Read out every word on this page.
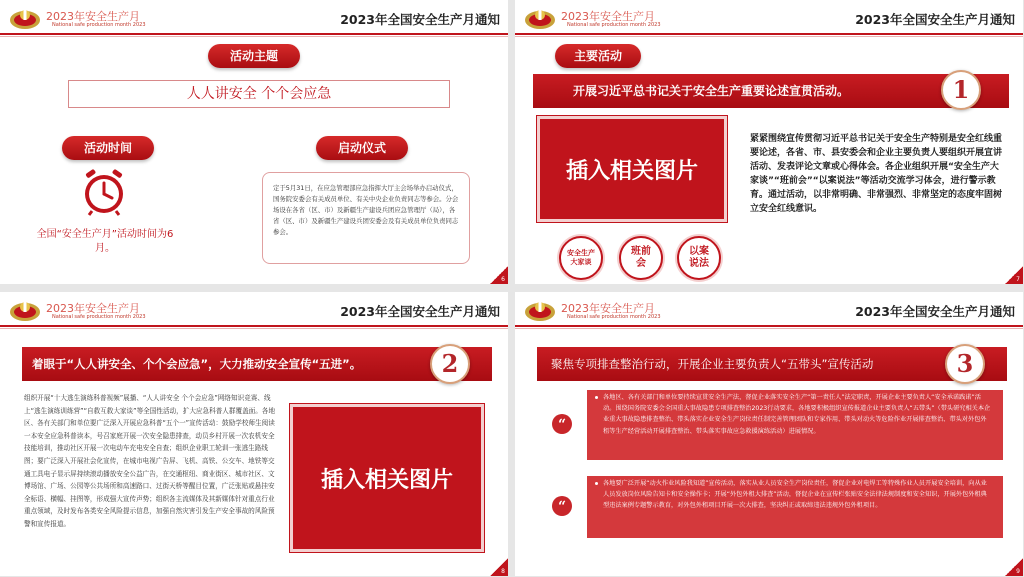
2023年安全生产月
National safe production month 2023	2023年全国安全生产月通知
活动主题
人人讲安全 个个会应急
活动时间
全国“安全生产月”活动时间为6月。
启动仪式
定于5月31日，在应急管理部应急指挥大厅主会场举办启动仪式，国务院安委会有关成员单位、有关中央企业负责同志等参会。分会场设在各省（区、市）及新疆生产建设兵团应急管理厅（局），各省（区、市）及新疆生产建设兵团安委会及有关成员单位负责同志参会。
6
2023年安全生产月
National safe production month 2023	2023年全国安全生产月通知
主要活动
开展习近平总书记关于安全生产重要论述宣贯活动。	1
插入相关图片
安全生产大家谈
班前会
以案说法
紧紧围绕宣传贯彻习近平总书记关于安全生产特别是安全红线重要论述，各省、市、县安委会和企业主要负责人要组织开展宣讲活动、发表评论文章或心得体会。各企业组织开展“安全生产大家谈”“班前会”“以案说法”等活动交流学习体会，进行警示教育。通过活动，以非常明确、非常强烈、非常坚定的态度牢固树立安全红线意识。
7
2023年安全生产月
National safe production month 2023	2023年全国安全生产月通知
着眼于“人人讲安全、个个会应急”，大力推动安全宣传“五进”。	2
组织开展“十大逃生演练科普视频”展播、“人人讲安全 个个会应急”网络知识竞赛、线上“逃生演练训练营”“自救互救大家谈”等全国性活动，扩大应急科普人群覆盖面。各地区、各有关部门和单位要广泛深入开展应急科普“五个一”宣传活动：鼓励学校师生阅读一本安全应急科普读本，号召家庭开展一次安全隐患排查，动员乡村开展一次农机安全技能培训，推动社区开展一次电动车充电安全自查；组织企业职工轮训一张逃生路线图；要广泛深入开展社会化宣传，在城市电视广告屏、飞机、高铁、公交车、地铁等交通工具电子显示屏持续滚动播放安全公益广告，在交通枢纽、商业街区、城市社区、文博场馆、广场、公园等公共场所和高速路口、过街天桥等醒目位置，广泛张贴或悬挂安全标语、横幅、挂图等，形成强大宣传声势；组织各主流媒体及其新媒体针对重点行业重点领域，及时发布各类安全风险提示信息，加强自然灾害引发生产安全事故的风险预警和宣传报道。
插入相关图片
8
2023年安全生产月
National safe production month 2023	2023年全国安全生产月通知
聚焦专项排查整治行动，开展企业主要负责人“五带头”宣传活动	3
“
各地区、各有关部门和单位要持续宣贯安全生产法，督促企业落实安全生产“第一责任人”法定职责，开展企业主要负责人“安全承诺践诺”活动。围绕国务院安委会全国重大事故隐患专项排查整治2023行动要求，各地要积极组织宣传报道企业主要负责人“五带头”（带头研究相关本企业重大事故隐患排查整治、带头落实企业安全生产岗位责任制完善管理团队和专家作用、带头对动火等危险作业开展排查整治、带头对外包外租等生产经营活动开展排查整治、带头落实事故应急救援演练活动）进展情况。
“
各地要广泛开展“动火作业风险我知道”宣传活动，落实从业人员安全生产岗位责任，督促企业对电焊工等特殊作业人员开展安全培训，向从业人员发放岗位风险告知卡和安全操作卡；开展“外包外租大排查”活动，督促企业在宣传栏张贴安全法律法规制度和安全知识，开展外包外租典型违法案例专题警示教育，对外包外租项目开展一次大排查，坚决纠正或取缔违法违规外包外租项目。
9
